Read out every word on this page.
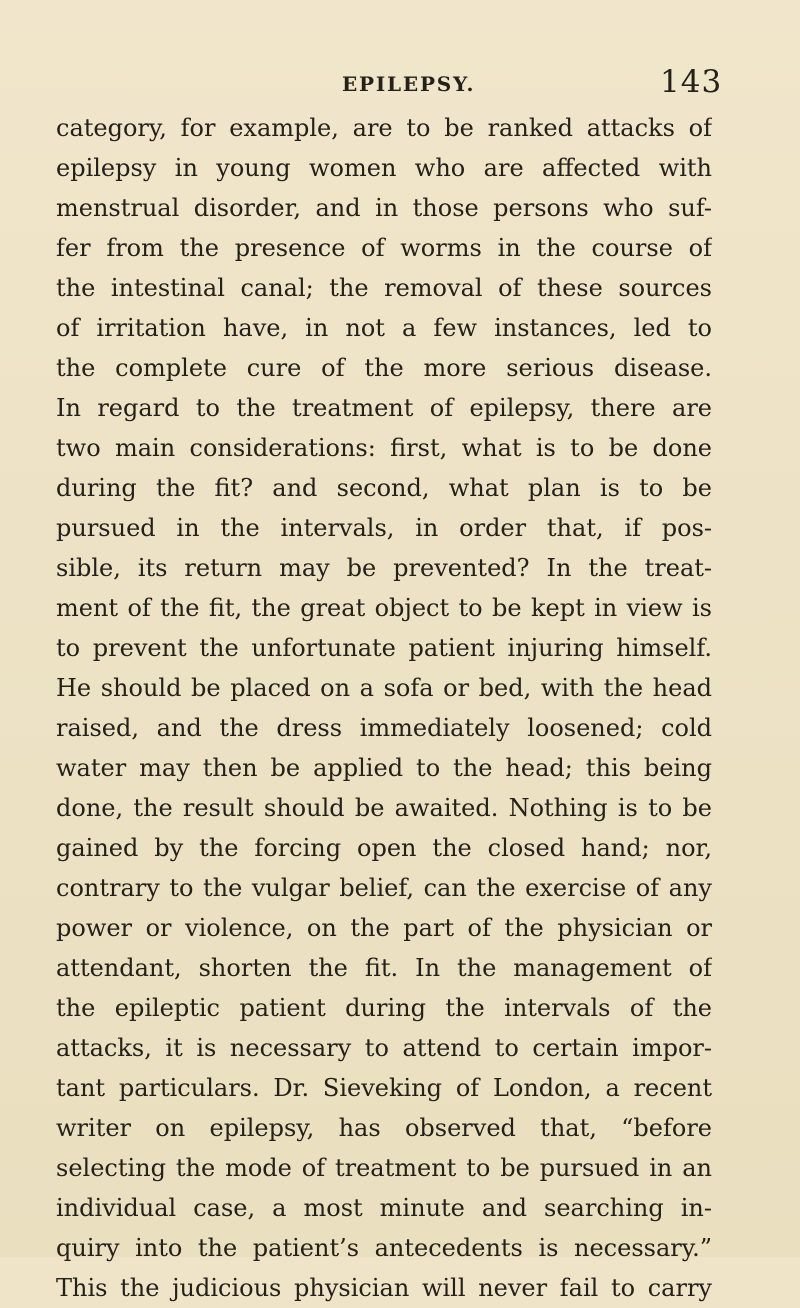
EPILEPSY.	143
category, for example, are to be ranked attacks of
epilepsy in young women who are affected with
menstrual disorder, and in those persons who suf-
fer from the presence of worms in the course of
the intestinal canal; the removal of these sources
of irritation have, in not a few instances, led to
the complete cure of the more serious disease.
In regard to the treatment of epilepsy, there are
two main considerations: first, what is to be done
during the fit? and second, what plan is to be
pursued in the intervals, in order that, if pos-
sible, its return may be prevented? In the treat-
ment of the fit, the great object to be kept in view is
to prevent the unfortunate patient injuring himself.
He should be placed on a sofa or bed, with the head
raised, and the dress immediately loosened; cold
water may then be applied to the head; this being
done, the result should be awaited. Nothing is to be
gained by the forcing open the closed hand; nor,
contrary to the vulgar belief, can the exercise of any
power or violence, on the part of the physician or
attendant, shorten the fit. In the management of
the epileptic patient during the intervals of the
attacks, it is necessary to attend to certain impor-
tant particulars. Dr. Sieveking of London, a recent
writer on epilepsy, has observed that, “before
selecting the mode of treatment to be pursued in an
individual case, a most minute and searching in-
quiry into the patient’s antecedents is necessary.”
This the judicious physician will never fail to carry
